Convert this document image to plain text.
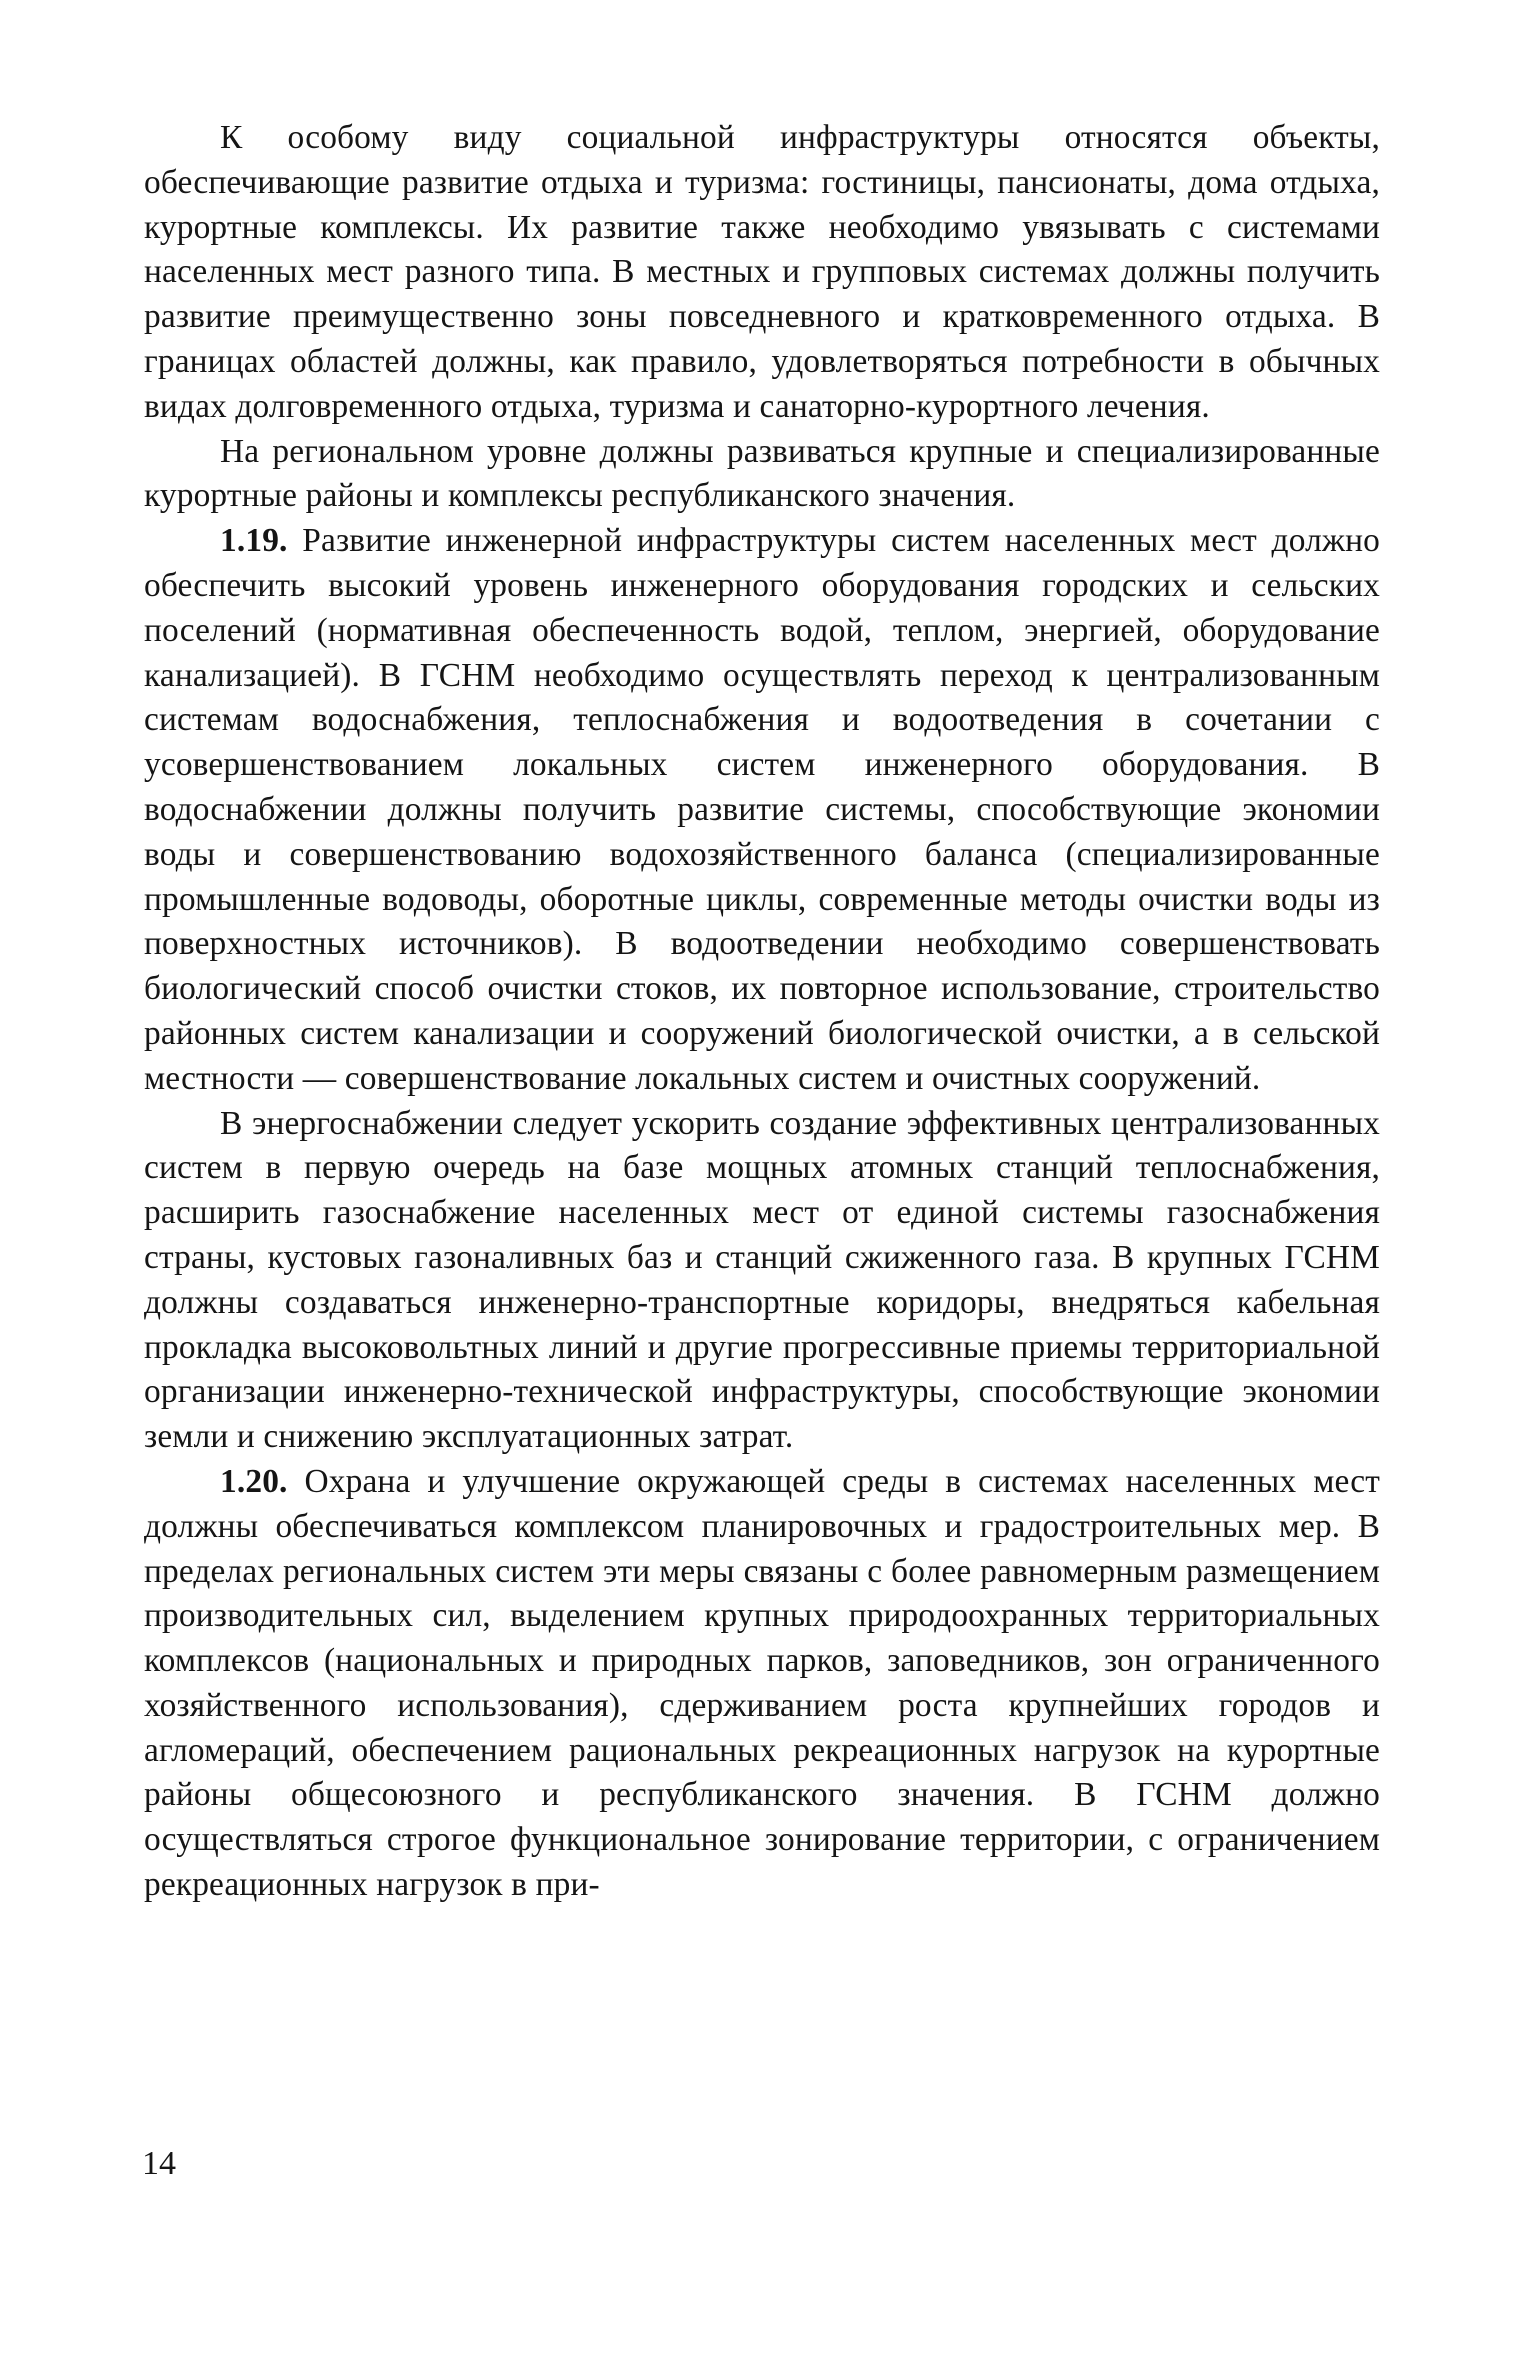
К особому виду социальной инфраструктуры относятся объекты, обеспечивающие развитие отдыха и туризма: гостиницы, пансионаты, дома отдыха, курортные комплексы. Их развитие также необходимо увязывать с системами населенных мест разного типа. В местных и групповых системах должны получить развитие преимущественно зоны повседневного и кратковременного отдыха. В границах областей должны, как правило, удовлетворяться потребности в обычных видах долговременного отдыха, туризма и санаторно-курортного лечения.

На региональном уровне должны развиваться крупные и специализированные курортные районы и комплексы республиканского значения.

1.19. Развитие инженерной инфраструктуры систем населенных мест должно обеспечить высокий уровень инженерного оборудования городских и сельских поселений (нормативная обеспеченность водой, теплом, энергией, оборудование канализацией). В ГСНМ необходимо осуществлять переход к централизованным системам водоснабжения, теплоснабжения и водоотведения в сочетании с усовершенствованием локальных систем инженерного оборудования. В водоснабжении должны получить развитие системы, способствующие экономии воды и совершенствованию водохозяйственного баланса (специализированные промышленные водоводы, оборотные циклы, современные методы очистки воды из поверхностных источников). В водоотведении необходимо совершенствовать биологический способ очистки стоков, их повторное использование, строительство районных систем канализации и сооружений биологической очистки, а в сельской местности — совершенствование локальных систем и очистных сооружений.

В энергоснабжении следует ускорить создание эффективных централизованных систем в первую очередь на базе мощных атомных станций теплоснабжения, расширить газоснабжение населенных мест от единой системы газоснабжения страны, кустовых газоналивных баз и станций сжиженного газа. В крупных ГСНМ должны создаваться инженерно-транспортные коридоры, внедряться кабельная прокладка высоковольтных линий и другие прогрессивные приемы территориальной организации инженерно-технической инфраструктуры, способствующие экономии земли и снижению эксплуатационных затрат.

1.20. Охрана и улучшение окружающей среды в системах населенных мест должны обеспечиваться комплексом планировочных и градостроительных мер. В пределах региональных систем эти меры связаны с более равномерным размещением производительных сил, выделением крупных природоохранных территориальных комплексов (национальных и природных парков, заповедников, зон ограниченного хозяйственного использования), сдерживанием роста крупнейших городов и агломераций, обеспечением рациональных рекреационных нагрузок на курортные районы общесоюзного и республиканского значения. В ГСНМ должно осуществляться строгое функциональное зонирование территории, с ограничением рекреационных нагрузок в при-

14
